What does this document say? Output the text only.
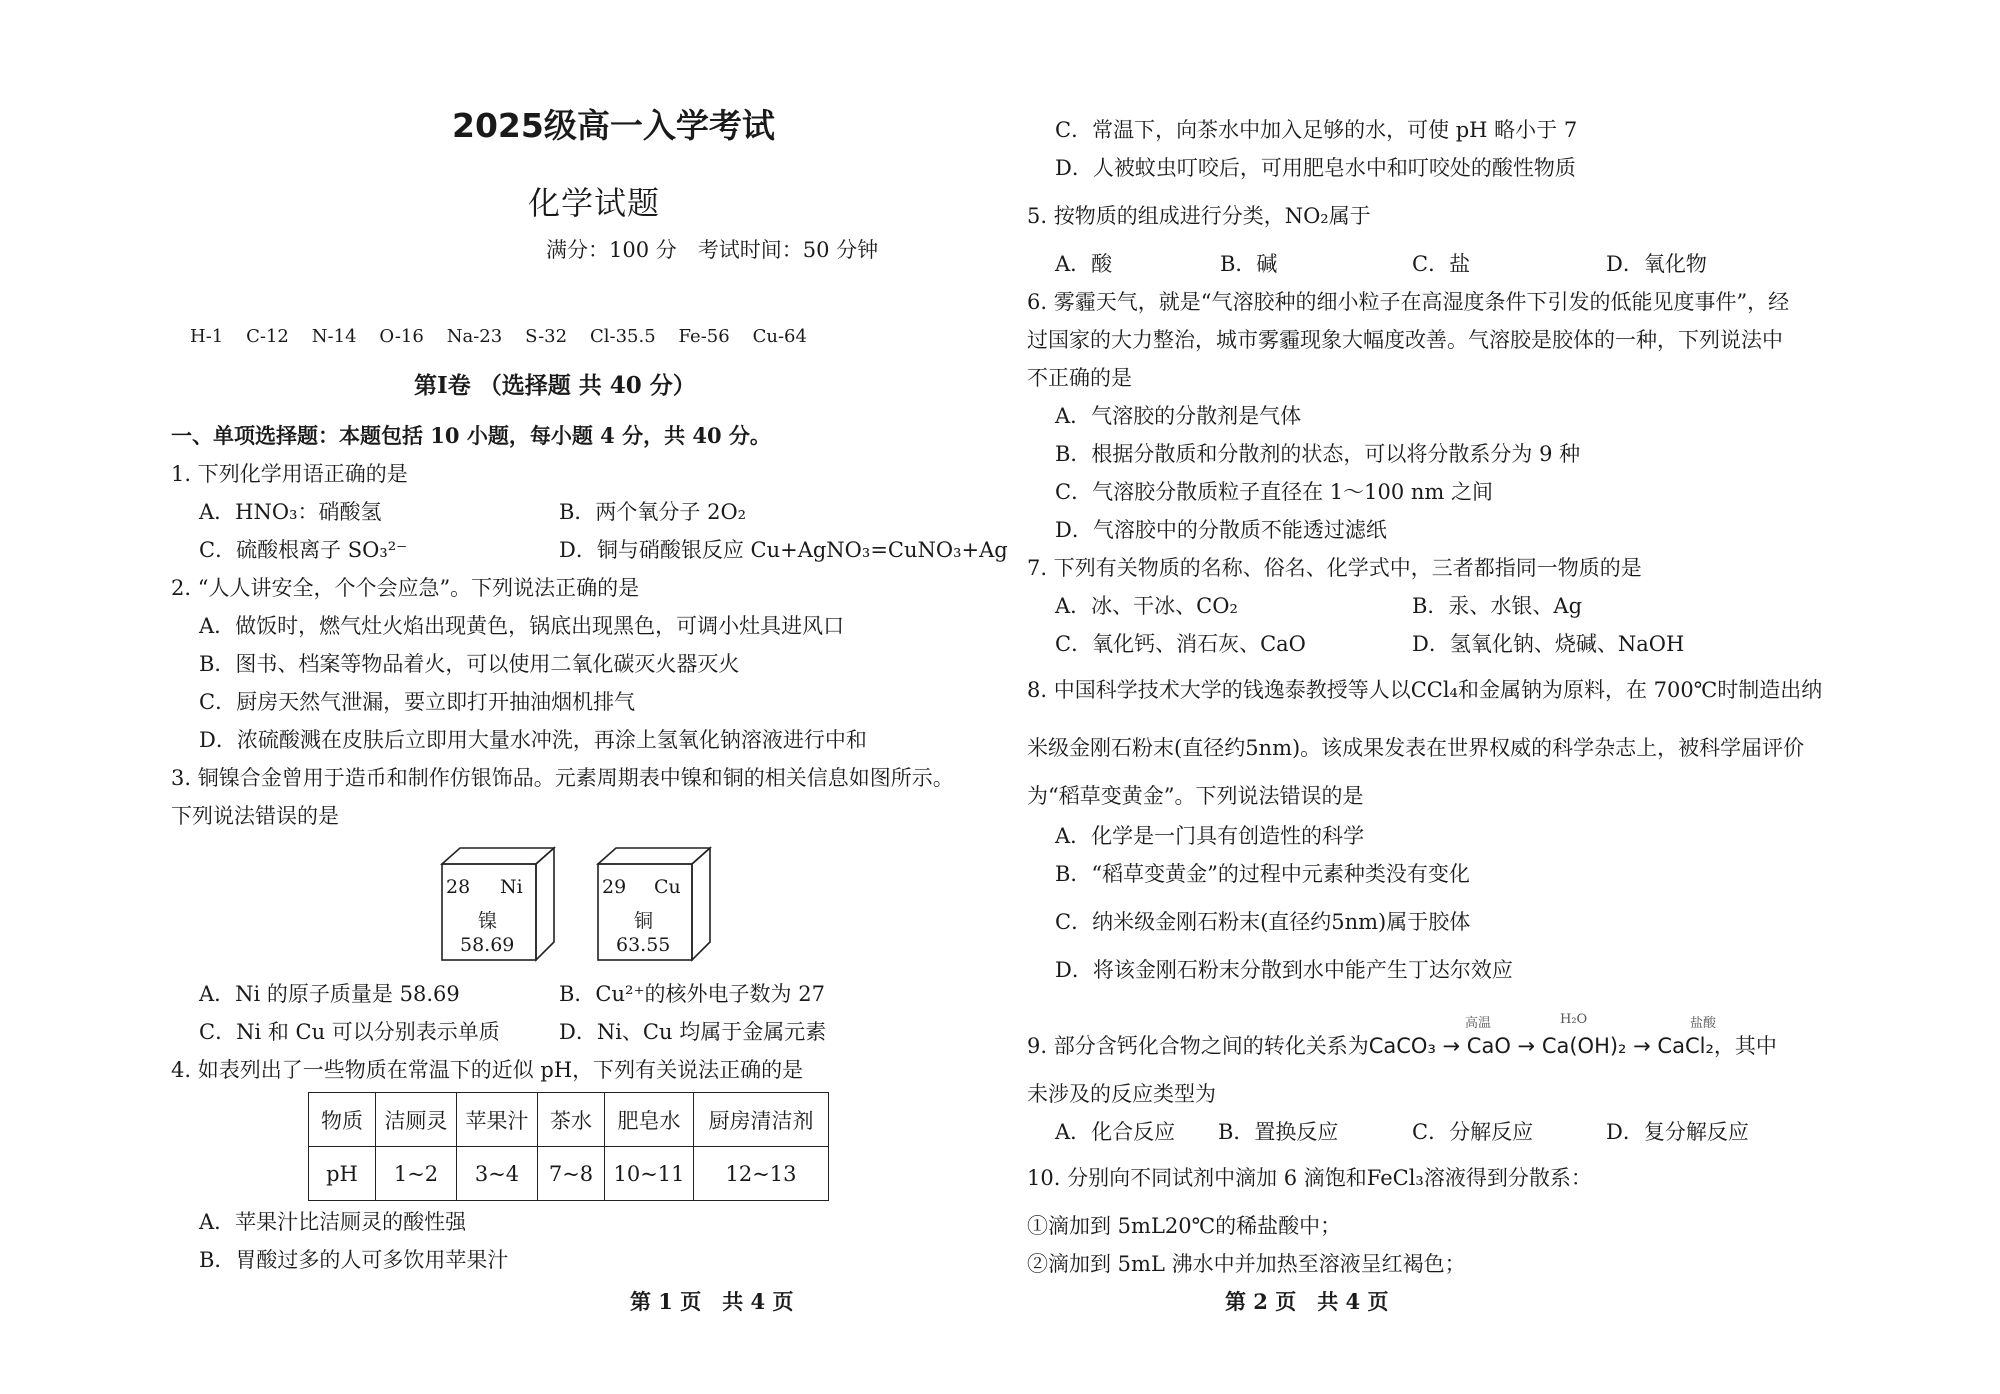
2025级高一入学考试
化学试题
满分：100 分　考试时间：50 分钟
H-1 C-12 N-14 O-16 Na-23 S-32 Cl-35.5 Fe-56 Cu-64
第Ⅰ卷 （选择题 共 40 分）
一、单项选择题：本题包括 10 小题，每小题 4 分，共 40 分。
1. 下列化学用语正确的是
A．HNO₃：硝酸氢	B．两个氧分子 2O₂
C．硫酸根离子 SO₃²⁻	D．铜与硝酸银反应 Cu+AgNO₃=CuNO₃+Ag
2. “人人讲安全，个个会应急”。下列说法正确的是
A．做饭时，燃气灶火焰出现黄色，锅底出现黑色，可调小灶具进风口
B．图书、档案等物品着火，可以使用二氧化碳灭火器灭火
C．厨房天然气泄漏，要立即打开抽油烟机排气
D．浓硫酸溅在皮肤后立即用大量水冲洗，再涂上氢氧化钠溶液进行中和
3. 铜镍合金曾用于造币和制作仿银饰品。元素周期表中镍和铜的相关信息如图所示。
下列说法错误的是
28 Ni
镍
58.69
29 Cu
铜
63.55
A．Ni 的原子质量是 58.69	B．Cu²⁺的核外电子数为 27
C．Ni 和 Cu 可以分别表示单质	D．Ni、Cu 均属于金属元素
4. 如表列出了一些物质在常温下的近似 pH，下列有关说法正确的是
物质	洁厕灵	苹果汁	茶水	肥皂水	厨房清洁剂
pH	1~2	3~4	7~8	10~11	12~13
A．苹果汁比洁厕灵的酸性强
B．胃酸过多的人可多饮用苹果汁
第 1 页　共 4 页
C．常温下，向茶水中加入足够的水，可使 pH 略小于 7
D．人被蚊虫叮咬后，可用肥皂水中和叮咬处的酸性物质
5. 按物质的组成进行分类，NO₂属于
A．酸	B．碱	C．盐	D．氧化物
6. 雾霾天气，就是“气溶胶种的细小粒子在高湿度条件下引发的低能见度事件”，经
过国家的大力整治，城市雾霾现象大幅度改善。气溶胶是胶体的一种，下列说法中
不正确的是
A．气溶胶的分散剂是气体
B．根据分散质和分散剂的状态，可以将分散系分为 9 种
C．气溶胶分散质粒子直径在 1～100 nm 之间
D．气溶胶中的分散质不能透过滤纸
7. 下列有关物质的名称、俗名、化学式中，三者都指同一物质的是
A．冰、干冰、CO₂	B．汞、水银、Ag
C．氧化钙、消石灰、CaO	D．氢氧化钠、烧碱、NaOH
8. 中国科学技术大学的钱逸泰教授等人以CCl₄和金属钠为原料，在 700℃时制造出纳
米级金刚石粉末(直径约5nm)。该成果发表在世界权威的科学杂志上，被科学届评价
为“稻草变黄金”。下列说法错误的是
A．化学是一门具有创造性的科学
B．“稻草变黄金”的过程中元素种类没有变化
C．纳米级金刚石粉末(直径约5nm)属于胶体
D．将该金刚石粉末分散到水中能产生丁达尔效应
9. 部分含钙化合物之间的转化关系为CaCO₃ → CaO → Ca(OH)₂ → CaCl₂，其中
高温	H₂O	盐酸
未涉及的反应类型为
A．化合反应 B．置换反应	C．分解反应	D．复分解反应
10. 分别向不同试剂中滴加 6 滴饱和FeCl₃溶液得到分散系：
①滴加到 5mL20℃的稀盐酸中；
②滴加到 5mL 沸水中并加热至溶液呈红褐色；
第 2 页　共 4 页
